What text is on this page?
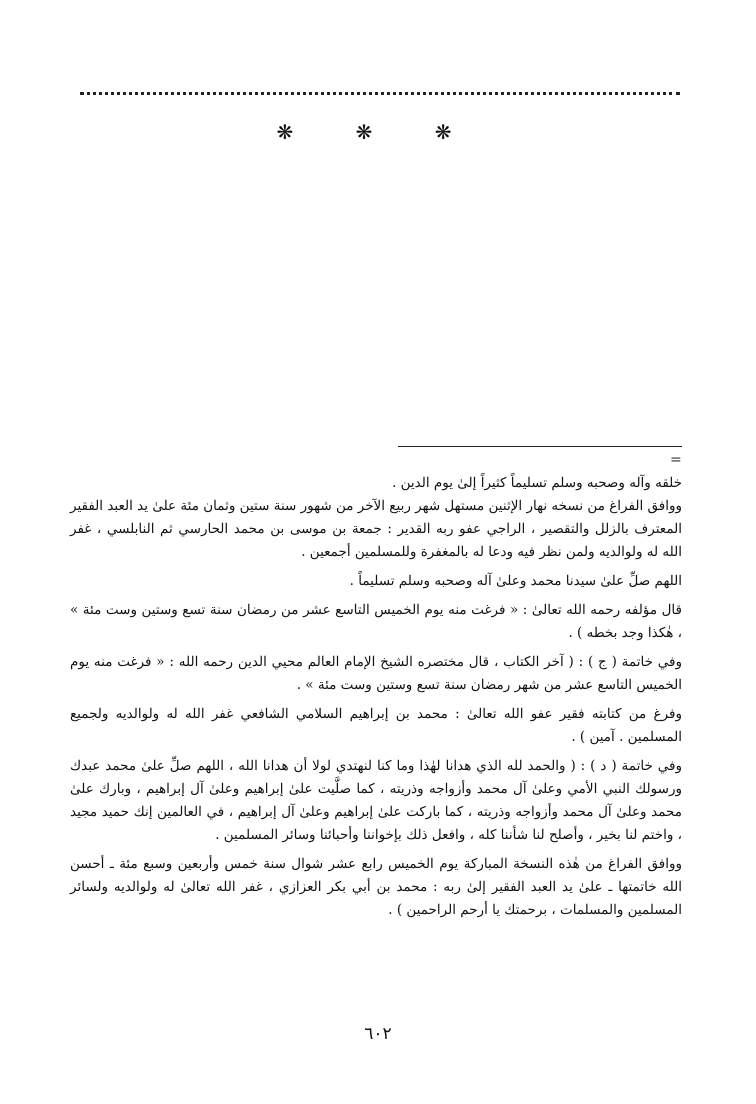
❋ ❋ ❋
=

خلقه وآله وصحبه وسلم تسليماً كثيراً إلىٰ يوم الدين .

ووافق الفراغ من نسخه نهار الإثنين مستهل شهر ربيع الآخر من شهور سنة ستين وثمان مئة علىٰ يد العبد الفقير المعترف بالزلل والتقصير ، الراجي عفو ربه القدير : جمعة بن موسى بن محمد الحارسي ثم النابلسي ، غفر الله له ولوالديه ولمن نظر فيه ودعا له بالمغفرة وللمسلمين أجمعين .

اللهم صلِّ علىٰ سيدنا محمد وعلىٰ آله وصحبه وسلم تسليماً .

قال مؤلفه رحمه الله تعالىٰ : « فرغت منه يوم الخميس التاسع عشر من رمضان سنة تسع وستين وست مئة » ، هٰكذا وجد بخطه ) .

وفي خاتمة ( ج ) : ( آخر الكتاب ، قال مختصره الشيخ الإمام العالم محيي الدين رحمه الله : « فرغت منه يوم الخميس التاسع عشر من شهر رمضان سنة تسع وستين وست مئة » .

وفرغ من كتابته فقير عفو الله تعالىٰ : محمد بن إبراهيم السلامي الشافعي غفر الله له ولوالديه ولجميع المسلمين . آمين ) .

وفي خاتمة ( د ) : ( والحمد لله الذي هدانا لهٰذا وما كنا لنهتدي لولا أن هدانا الله ، اللهم صلِّ علىٰ محمد عبدك ورسولك النبي الأمي وعلىٰ آل محمد وأزواجه وذريته ، كما صلَّيت علىٰ إبراهيم وعلىٰ آل إبراهيم ، وبارك علىٰ محمد وعلىٰ آل محمد وأزواجه وذريته ، كما باركت علىٰ إبراهيم وعلىٰ آل إبراهيم ، في العالمين إنك حميد مجيد ، واختم لنا بخير ، وأصلح لنا شأننا كله ، وافعل ذلك بإخواننا وأحبائنا وسائر المسلمين .

ووافق الفراغ من هٰذه النسخة المباركة يوم الخميس رابع عشر شوال سنة خمس وأربعين وسبع مئة ـ أحسن الله خاتمتها ـ علىٰ يد العبد الفقير إلىٰ ربه : محمد بن أبي بكر العزازي ، غفر الله تعالىٰ له ولوالديه ولسائر المسلمين والمسلمات ، برحمتك يا أرحم الراحمين ) .

٦٠٢
